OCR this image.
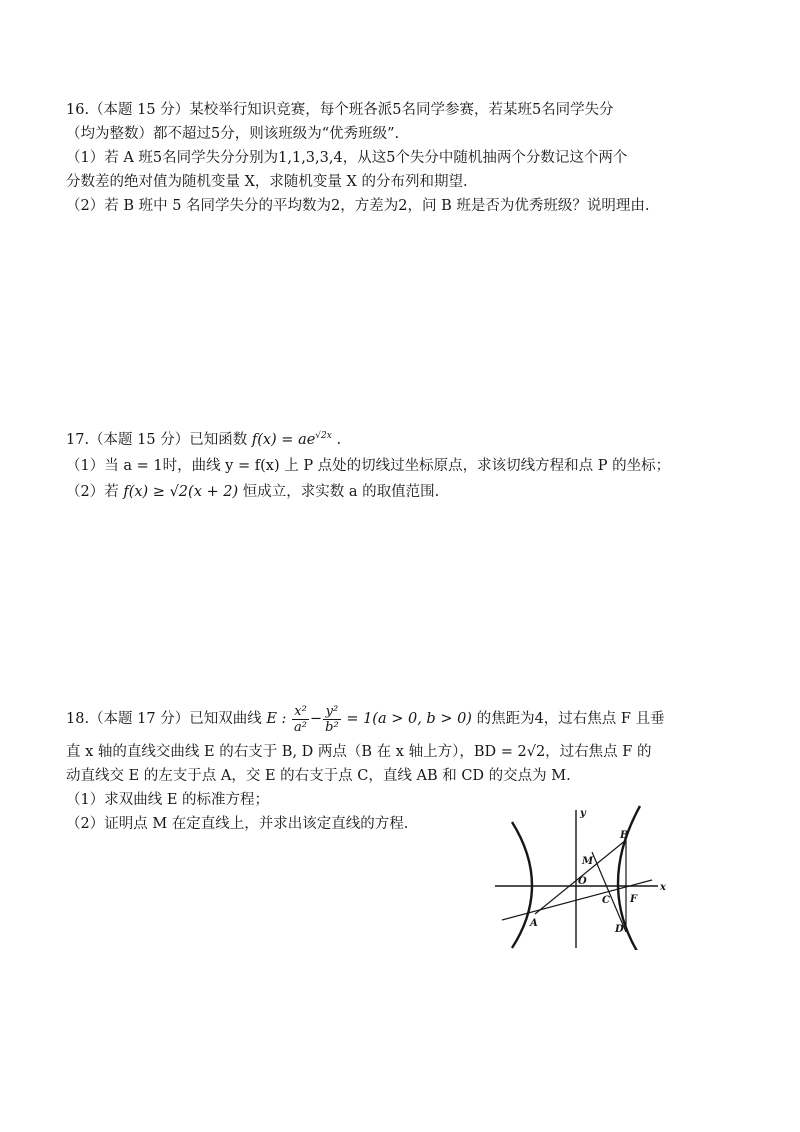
16.（本题 15 分）某校举行知识竞赛，每个班各派5名同学参赛，若某班5名同学失分

（均为整数）都不超过5分，则该班级为“优秀班级”.

（1）若 A 班5名同学失分分别为1,1,3,3,4，从这5个失分中随机抽两个分数记这个两个

分数差的绝对值为随机变量 X，求随机变量 X 的分布列和期望.

（2）若 B 班中 5 名同学失分的平均数为2，方差为2，问 B 班是否为优秀班级？说明理由.

17.（本题 15 分）已知函数 $f(x) = ae^{√2x}$ .

（1）当 a = 1时，曲线 y = f(x) 上 P 点处的切线过坐标原点，求该切线方程和点 P 的坐标；

（2）若 f(x) ≥ √2(x + 2) 恒成立，求实数 a 的取值范围.

18.（本题 17 分）已知双曲线 E : $\frac{\text{x²}}{\text{a²}} - \frac{\text{y²}}{\text{b²}} = 1(a > 0$, b > 0) 的焦距为4，过右焦点 F 且垂

直 x 轴的直线交曲线 E 的右支于 B, D 两点（B 在 x 轴上方），BD = 2√2，过右焦点 F 的

动直线交 E 的左支于点 A，交 E 的右支于点 C，直线 AB 和 CD 的交点为 M.

（1）求双曲线 E 的标准方程；

（2）证明点 M 在定直线上，并求出该定直线的方程.

y
x
B
M
O
C F
A
D
